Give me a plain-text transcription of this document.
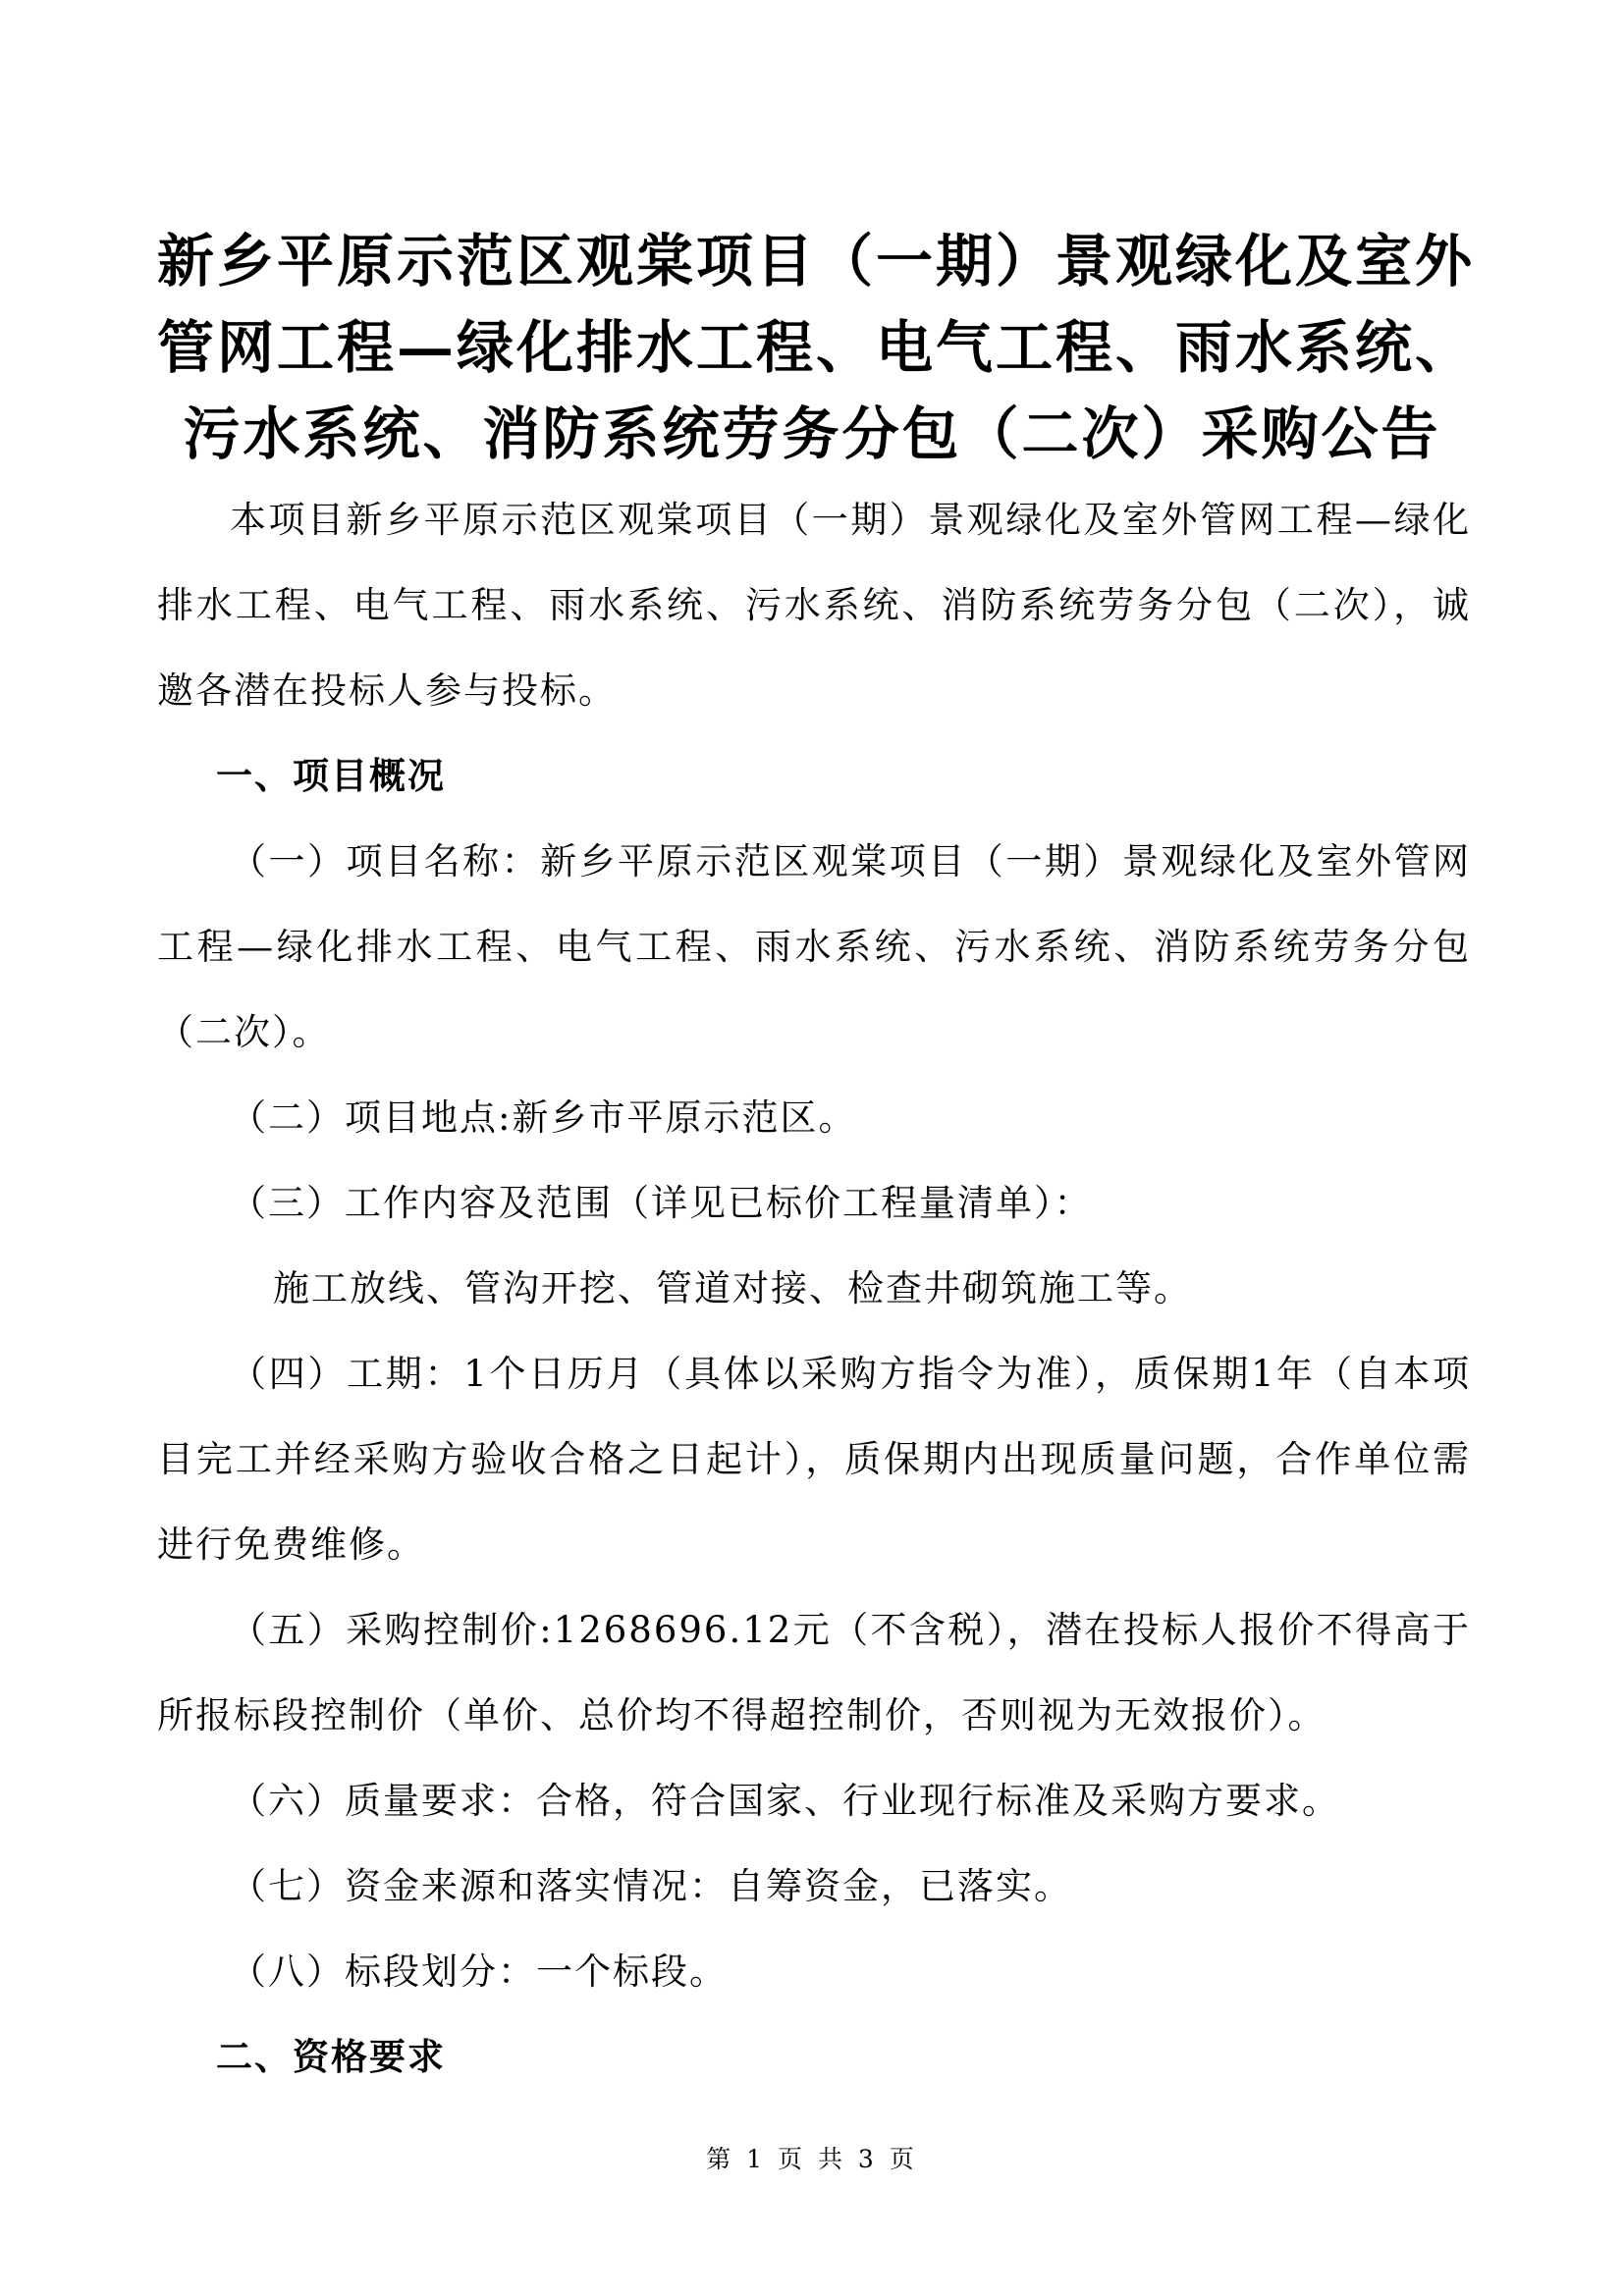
新乡平原示范区观棠项目（一期）景观绿化及室外
管网工程—绿化排水工程、电气工程、雨水系统、
污水系统、消防系统劳务分包（二次）采购公告

本项目新乡平原示范区观棠项目（一期）景观绿化及室外管网工程—绿化排水工程、电气工程、雨水系统、污水系统、消防系统劳务分包（二次），诚邀各潜在投标人参与投标。

一、项目概况

（一）项目名称：新乡平原示范区观棠项目（一期）景观绿化及室外管网工程—绿化排水工程、电气工程、雨水系统、污水系统、消防系统劳务分包（二次）。

（二）项目地点:新乡市平原示范区。

（三）工作内容及范围（详见已标价工程量清单）：

施工放线、管沟开挖、管道对接、检查井砌筑施工等。

（四）工期：1个日历月（具体以采购方指令为准），质保期1年（自本项目完工并经采购方验收合格之日起计），质保期内出现质量问题，合作单位需进行免费维修。

（五）采购控制价:1268696.12元（不含税），潜在投标人报价不得高于所报标段控制价（单价、总价均不得超控制价，否则视为无效报价）。

（六）质量要求：合格，符合国家、行业现行标准及采购方要求。

（七）资金来源和落实情况：自筹资金，已落实。

（八）标段划分：一个标段。

二、资格要求

第 1 页 共 3 页
